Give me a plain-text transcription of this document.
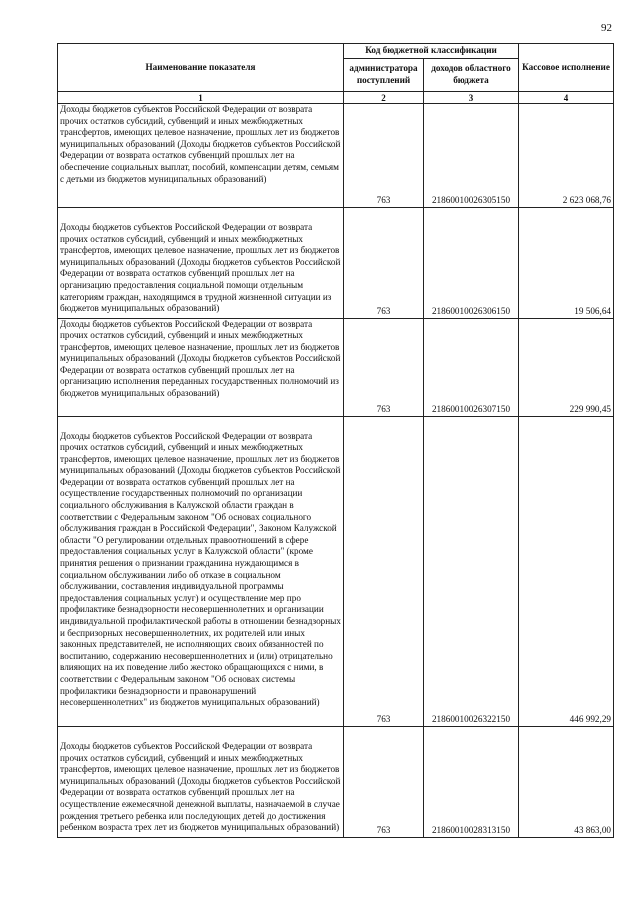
92
Наименование показателя	Код бюджетной классификации		Кассовое исполнение
	администратора поступлений	доходов областного бюджета	
1	2	3	4
Доходы бюджетов субъектов Российской Федерации от возврата прочих остатков субсидий, субвенций и иных межбюджетных трансфертов, имеющих целевое назначение, прошлых лет из бюджетов муниципальных образований (Доходы бюджетов субъектов Российской Федерации от возврата остатков субвенций прошлых лет на обеспечение социальных выплат, пособий, компенсации детям, семьям с детьми из бюджетов муниципальных образований)	763	21860010026305150	2 623 068,76

Доходы бюджетов субъектов Российской Федерации от возврата прочих остатков субсидий, субвенций и иных межбюджетных трансфертов, имеющих целевое назначение, прошлых лет из бюджетов муниципальных образований (Доходы бюджетов субъектов Российской Федерации от возврата остатков субвенций прошлых лет на организацию предоставления социальной помощи отдельным категориям граждан, находящимся в трудной жизненной ситуации из бюджетов муниципальных образований)	763	21860010026306150	19 506,64
Доходы бюджетов субъектов Российской Федерации от возврата прочих остатков субсидий, субвенций и иных межбюджетных трансфертов, имеющих целевое назначение, прошлых лет из бюджетов муниципальных образований (Доходы бюджетов субъектов Российской Федерации от возврата остатков субвенций прошлых лет на организацию исполнения переданных государственных полномочий из бюджетов муниципальных образований)	763	21860010026307150	229 990,45

Доходы бюджетов субъектов Российской Федерации от возврата прочих остатков субсидий, субвенций и иных межбюджетных трансфертов, имеющих целевое назначение, прошлых лет из бюджетов муниципальных образований (Доходы бюджетов субъектов Российской Федерации от возврата остатков субвенций прошлых лет на осуществление государственных полномочий по организации социального обслуживания в Калужской области граждан в соответствии с Федеральным законом "Об основах социального обслуживания граждан в Российской Федерации", Законом Калужской области "О регулировании отдельных правоотношений в сфере предоставления социальных услуг в Калужской области" (кроме принятия решения о признании гражданина нуждающимся в социальном обслуживании либо об отказе в социальном обслуживании, составления индивидуальной программы предоставления социальных услуг) и осуществление мер про профилактике безнадзорности несовершеннолетних и организации индивидуальной профилактической работы в отношении безнадзорных и беспризорных несовершеннолетних, их родителей или иных законных представителей, не исполняющих своих обязанностей по воспитанию, содержанию несовершеннолетних и (или) отрицательно влияющих на их поведение либо жестоко обращающихся с ними, в соответствии с Федеральным законом "Об основах системы профилактики безнадзорности и правонарушений несовершеннолетних" из бюджетов муниципальных образований)	763	21860010026322150	446 992,29

Доходы бюджетов субъектов Российской Федерации от возврата прочих остатков субсидий, субвенций и иных межбюджетных трансфертов, имеющих целевое назначение, прошлых лет из бюджетов муниципальных образований (Доходы бюджетов субъектов Российской Федерации от возврата остатков субвенций прошлых лет на осуществление ежемесячной денежной выплаты, назначаемой в случае рождения третьего ребенка или последующих детей до достижения ребенком возраста трех лет из бюджетов муниципальных образований)	763	21860010028313150	43 863,00
